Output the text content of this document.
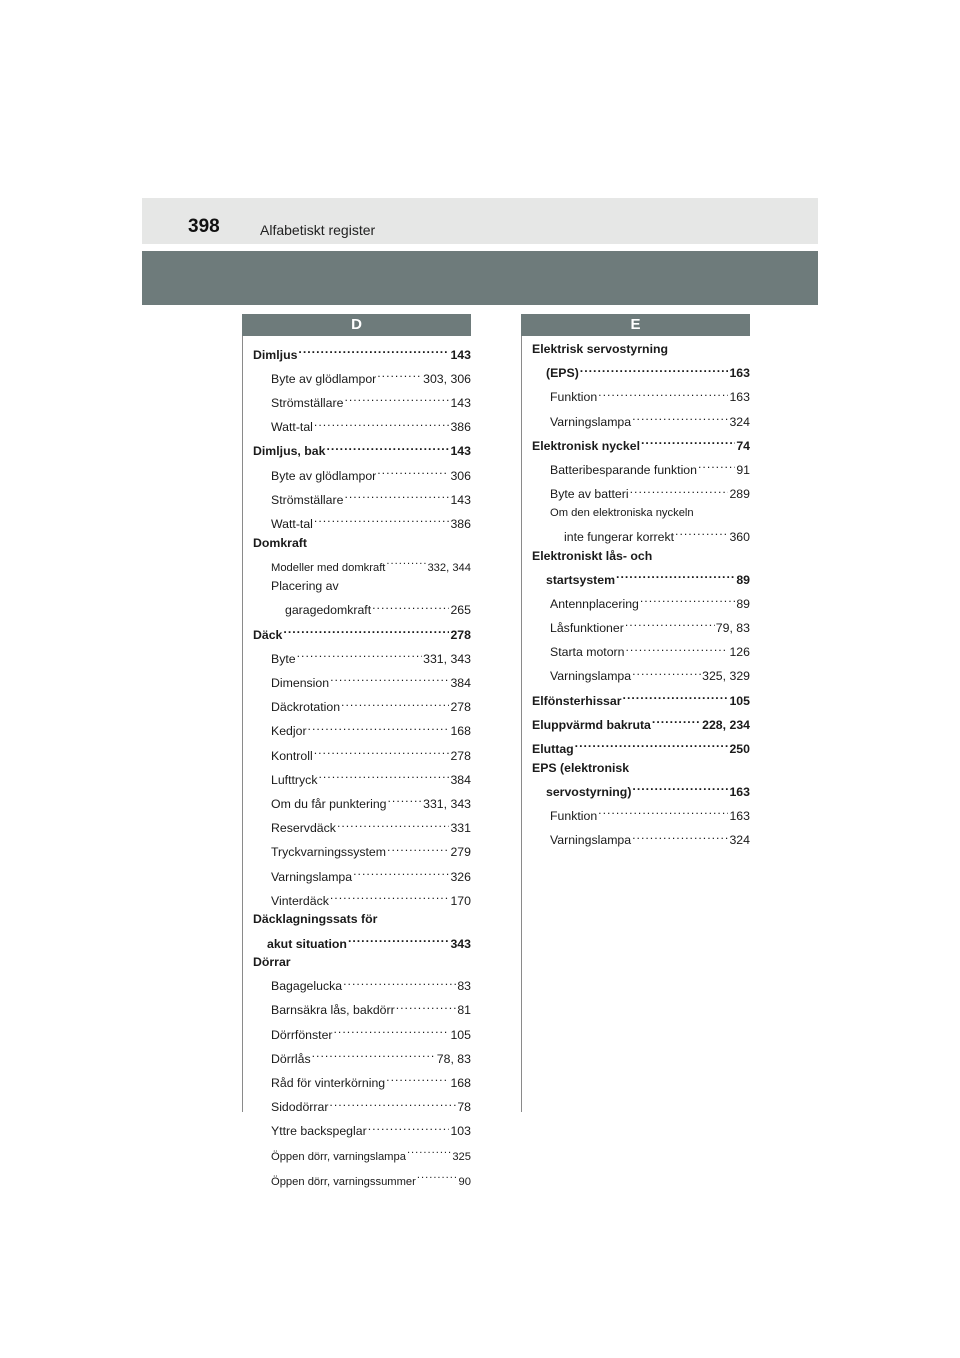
398	Alfabetiskt register
D	E
Dimljus .....	143
Byte av glödlampor .....	303, 306
Strömställare .....	143
Watt-tal .....	386
Dimljus, bak .....	143
Byte av glödlampor .....	306
Strömställare .....	143
Watt-tal .....	386
Domkraft
Modeller med domkraft .....	332, 344
Placering av
garagedomkraft .....	265
Däck .....	278
Byte .....	331, 343
Dimension .....	384
Däckrotation .....	278
Kedjor .....	168
Kontroll .....	278
Lufttryck .....	384
Om du får punktering .....	331, 343
Reservdäck .....	331
Tryckvarningssystem .....	279
Varningslampa .....	326
Vinterdäck .....	170
Däcklagningssats för
akut situation .....	343
Dörrar
Bagagelucka .....	83
Barnsäkra lås, bakdörr .....	81
Dörrfönster .....	105
Dörrlås .....	78, 83
Råd för vinterkörning .....	168
Sidodörrar .....	78
Yttre backspeglar .....	103
Öppen dörr, varningslampa .....	325
Öppen dörr, varningssummer .....	90
Elektrisk servostyrning
(EPS) .....	163
Funktion .....	163
Varningslampa .....	324
Elektronisk nyckel .....	74
Batteribesparande funktion .....	91
Byte av batteri .....	289
Om den elektroniska nyckeln
inte fungerar korrekt .....	360
Elektroniskt lås- och
startsystem .....	89
Antennplacering .....	89
Låsfunktioner .....	79, 83
Starta motorn .....	126
Varningslampa .....	325, 329
Elfönsterhissar .....	105
Eluppvärmd bakruta .....	228, 234
Eluttag .....	250
EPS (elektronisk
servostyrning) .....	163
Funktion .....	163
Varningslampa .....	324
